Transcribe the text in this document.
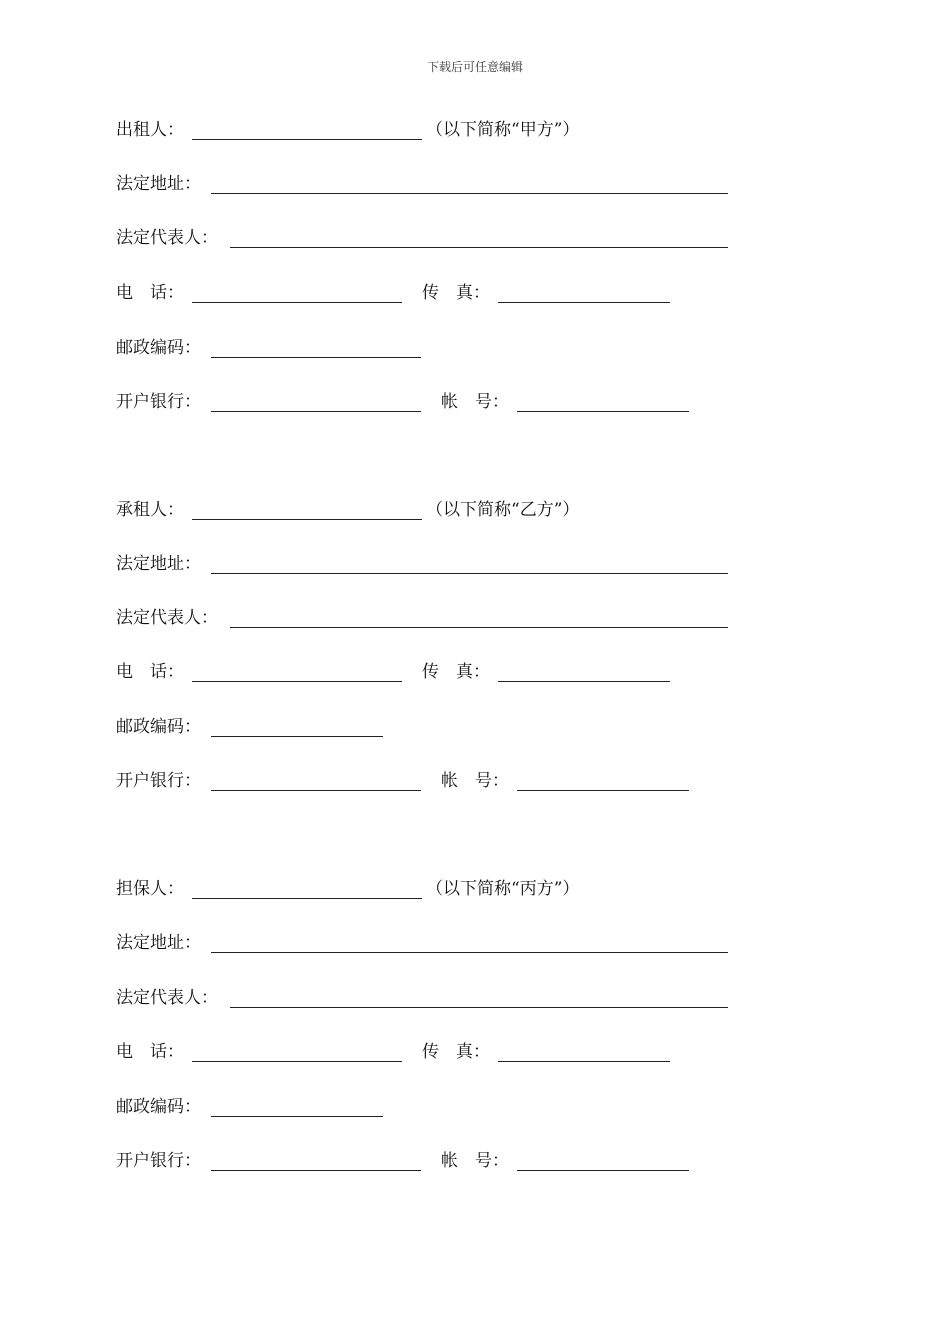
下载后可任意编辑
出租人：	（以下简称“甲方”）
法定地址：
法定代表人：
电　话：	传　真：
邮政编码：
开户银行：	帐　号：
承租人：	（以下简称“乙方”）
法定地址：
法定代表人：
电　话：	传　真：
邮政编码：
开户银行：	帐　号：
担保人：	（以下简称“丙方”）
法定地址：
法定代表人：
电　话：	传　真：
邮政编码：
开户银行：	帐　号：
